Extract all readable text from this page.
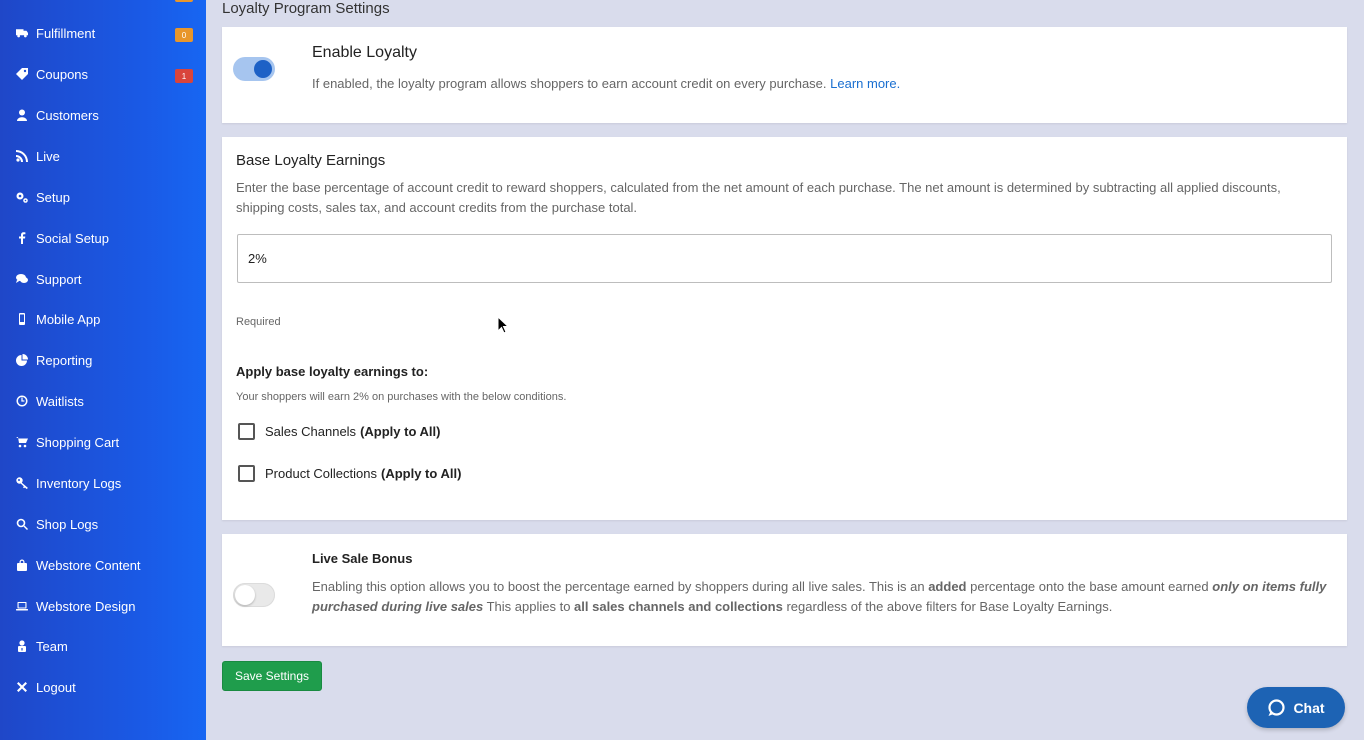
Fulfillment	0
Coupons	1
Customers
Live
Setup
Social Setup
Support
Mobile App
Reporting
Waitlists
Shopping Cart
Inventory Logs
Shop Logs
Webstore Content
Webstore Design
Team
Logout
Loyalty Program Settings
Enable Loyalty
If enabled, the loyalty program allows shoppers to earn account credit on every purchase. Learn more.
Base Loyalty Earnings
Enter the base percentage of account credit to reward shoppers, calculated from the net amount of each purchase. The net amount is determined by subtracting all applied discounts, shipping costs, sales tax, and account credits from the purchase total.
2%
Required
Apply base loyalty earnings to:
Your shoppers will earn 2% on purchases with the below conditions.
Sales Channels (Apply to All)
Product Collections (Apply to All)
Live Sale Bonus
Enabling this option allows you to boost the percentage earned by shoppers during all live sales. This is an added percentage onto the base amount earned only on items fully purchased during live sales This applies to all sales channels and collections regardless of the above filters for Base Loyalty Earnings.
Save Settings
Chat
